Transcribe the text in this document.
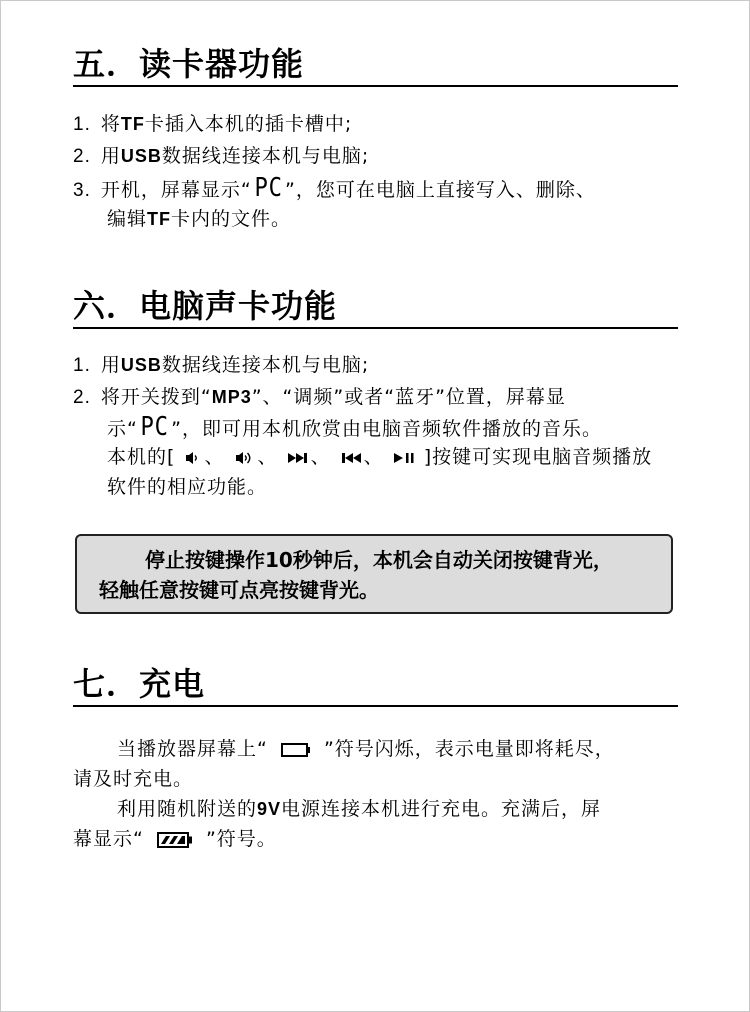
五．读卡器功能
1. 将TF卡插入本机的插卡槽中;
2. 用USB数据线连接本机与电脑;
3. 开机，屏幕显示“PC ”，您可在电脑上直接写入、删除、
编辑TF卡内的文件。
六．电脑声卡功能
1. 用USB数据线连接本机与电脑;
2. 将开关拨到“MP3”、“调频”或者“蓝牙”位置，屏幕显
示“PC ”，即可用本机欣赏由电脑音频软件播放的音乐。
本机的[ 、 、 、 、 ]按键可实现电脑音频播放
软件的相应功能。
停止按键操作10秒钟后，本机会自动关闭按键背光，
轻触任意按键可点亮按键背光。
七．充电
当播放器屏幕上“	”符号闪烁，表示电量即将耗尽，
请及时充电。
利用随机附送的9V电源连接本机进行充电。充满后，屏
幕显示“	”符号。
